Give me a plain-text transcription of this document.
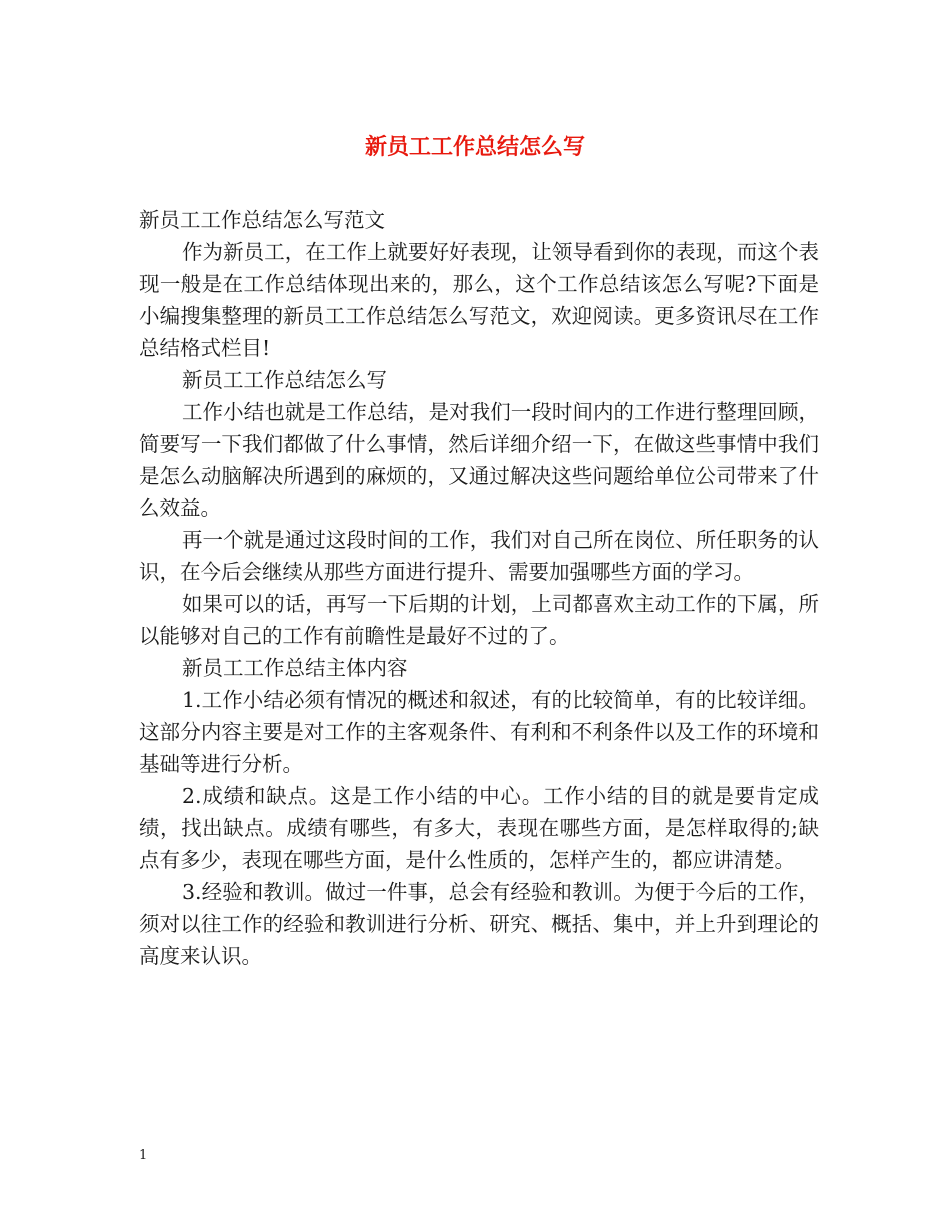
新员工工作总结怎么写

新员工工作总结怎么写范文

作为新员工，在工作上就要好好表现，让领导看到你的表现，而这个表现一般是在工作总结体现出来的，那么，这个工作总结该怎么写呢?下面是小编搜集整理的新员工工作总结怎么写范文，欢迎阅读。更多资讯尽在工作总结格式栏目!

新员工工作总结怎么写

工作小结也就是工作总结，是对我们一段时间内的工作进行整理回顾，简要写一下我们都做了什么事情，然后详细介绍一下，在做这些事情中我们是怎么动脑解决所遇到的麻烦的，又通过解决这些问题给单位公司带来了什么效益。

再一个就是通过这段时间的工作，我们对自己所在岗位、所任职务的认识，在今后会继续从那些方面进行提升、需要加强哪些方面的学习。

如果可以的话，再写一下后期的计划，上司都喜欢主动工作的下属，所以能够对自己的工作有前瞻性是最好不过的了。

新员工工作总结主体内容

1.工作小结必须有情况的概述和叙述，有的比较简单，有的比较详细。这部分内容主要是对工作的主客观条件、有利和不利条件以及工作的环境和基础等进行分析。

2.成绩和缺点。这是工作小结的中心。工作小结的目的就是要肯定成绩，找出缺点。成绩有哪些，有多大，表现在哪些方面，是怎样取得的;缺点有多少，表现在哪些方面，是什么性质的，怎样产生的，都应讲清楚。

3.经验和教训。做过一件事，总会有经验和教训。为便于今后的工作，须对以往工作的经验和教训进行分析、研究、概括、集中，并上升到理论的高度来认识。

1
